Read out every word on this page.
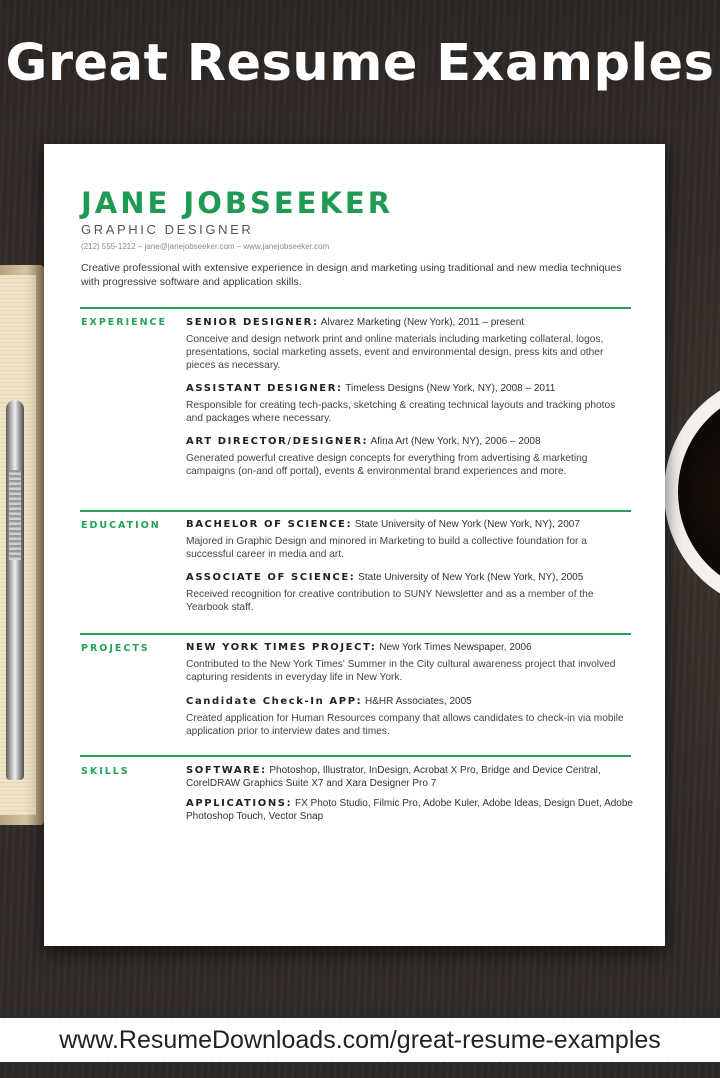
Great Resume Examples
JANE JOBSEEKER
GRAPHIC DESIGNER
(212) 555-1212 – jane@janejobseeker.com – www.janejobseeker.com
Creative professional with extensive experience in design and marketing using traditional and new media techniques with progressive software and application skills.
EXPERIENCE SENIOR DESIGNER: Alvarez Marketing (New York), 2011 – present
Conceive and design network print and online materials including marketing collateral, logos, presentations, social marketing assets, event and environmental design, press kits and other pieces as necessary.
ASSISTANT DESIGNER: Timeless Designs (New York, NY), 2008 – 2011
Responsible for creating tech-packs, sketching & creating technical layouts and tracking photos and packages where necessary.
ART DIRECTOR/DESIGNER: Afina Art (New York, NY), 2006 – 2008
Generated powerful creative design concepts for everything from advertising & marketing campaigns (on-and off portal), events & environmental brand experiences and more.
EDUCATION	BACHELOR OF SCIENCE: State University of New York (New York, NY), 2007
Majored in Graphic Design and minored in Marketing to build a collective foundation for a successful career in media and art.
ASSOCIATE OF SCIENCE: State University of New York (New York, NY), 2005
Received recognition for creative contribution to SUNY Newsletter and as a member of the Yearbook staff.
PROJECTS	NEW YORK TIMES PROJECT: New York Times Newspaper, 2006
Contributed to the New York Times' Summer in the City cultural awareness project that involved capturing residents in everyday life in New York.
Candidate Check-In APP: H&HR Associates, 2005
Created application for Human Resources company that allows candidates to check-in via mobile application prior to interview dates and times.
SKILLS	SOFTWARE: Photoshop, Illustrator, InDesign, Acrobat X Pro, Bridge and Device Central, CorelDRAW Graphics Suite X7 and Xara Designer Pro 7
APPLICATIONS: FX Photo Studio, Filmic Pro, Adobe Kuler, Adobe Ideas, Design Duet, Adobe Photoshop Touch, Vector Snap
www.ResumeDownloads.com/great-resume-examples
